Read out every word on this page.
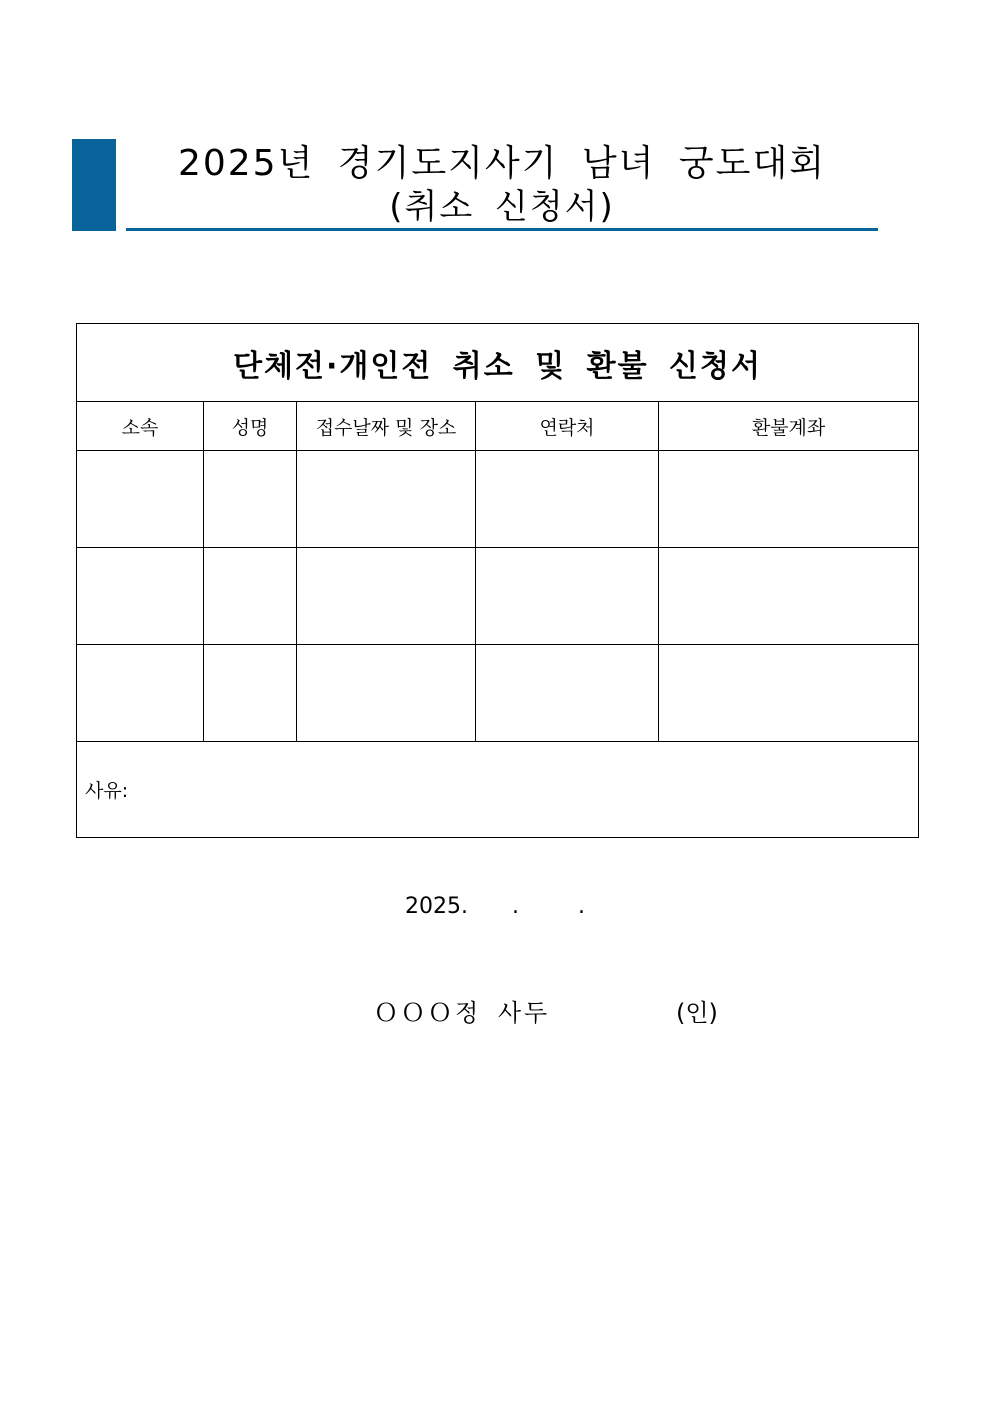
2025년 경기도지사기 남녀 궁도대회
(취소 신청서)
단체전·개인전 취소 및 환불 신청서				
소속	성명	접수날짜 및 장소	연락처	환불계좌

사유:				
2025. .	.
ＯＯＯ정 사두	(인)
